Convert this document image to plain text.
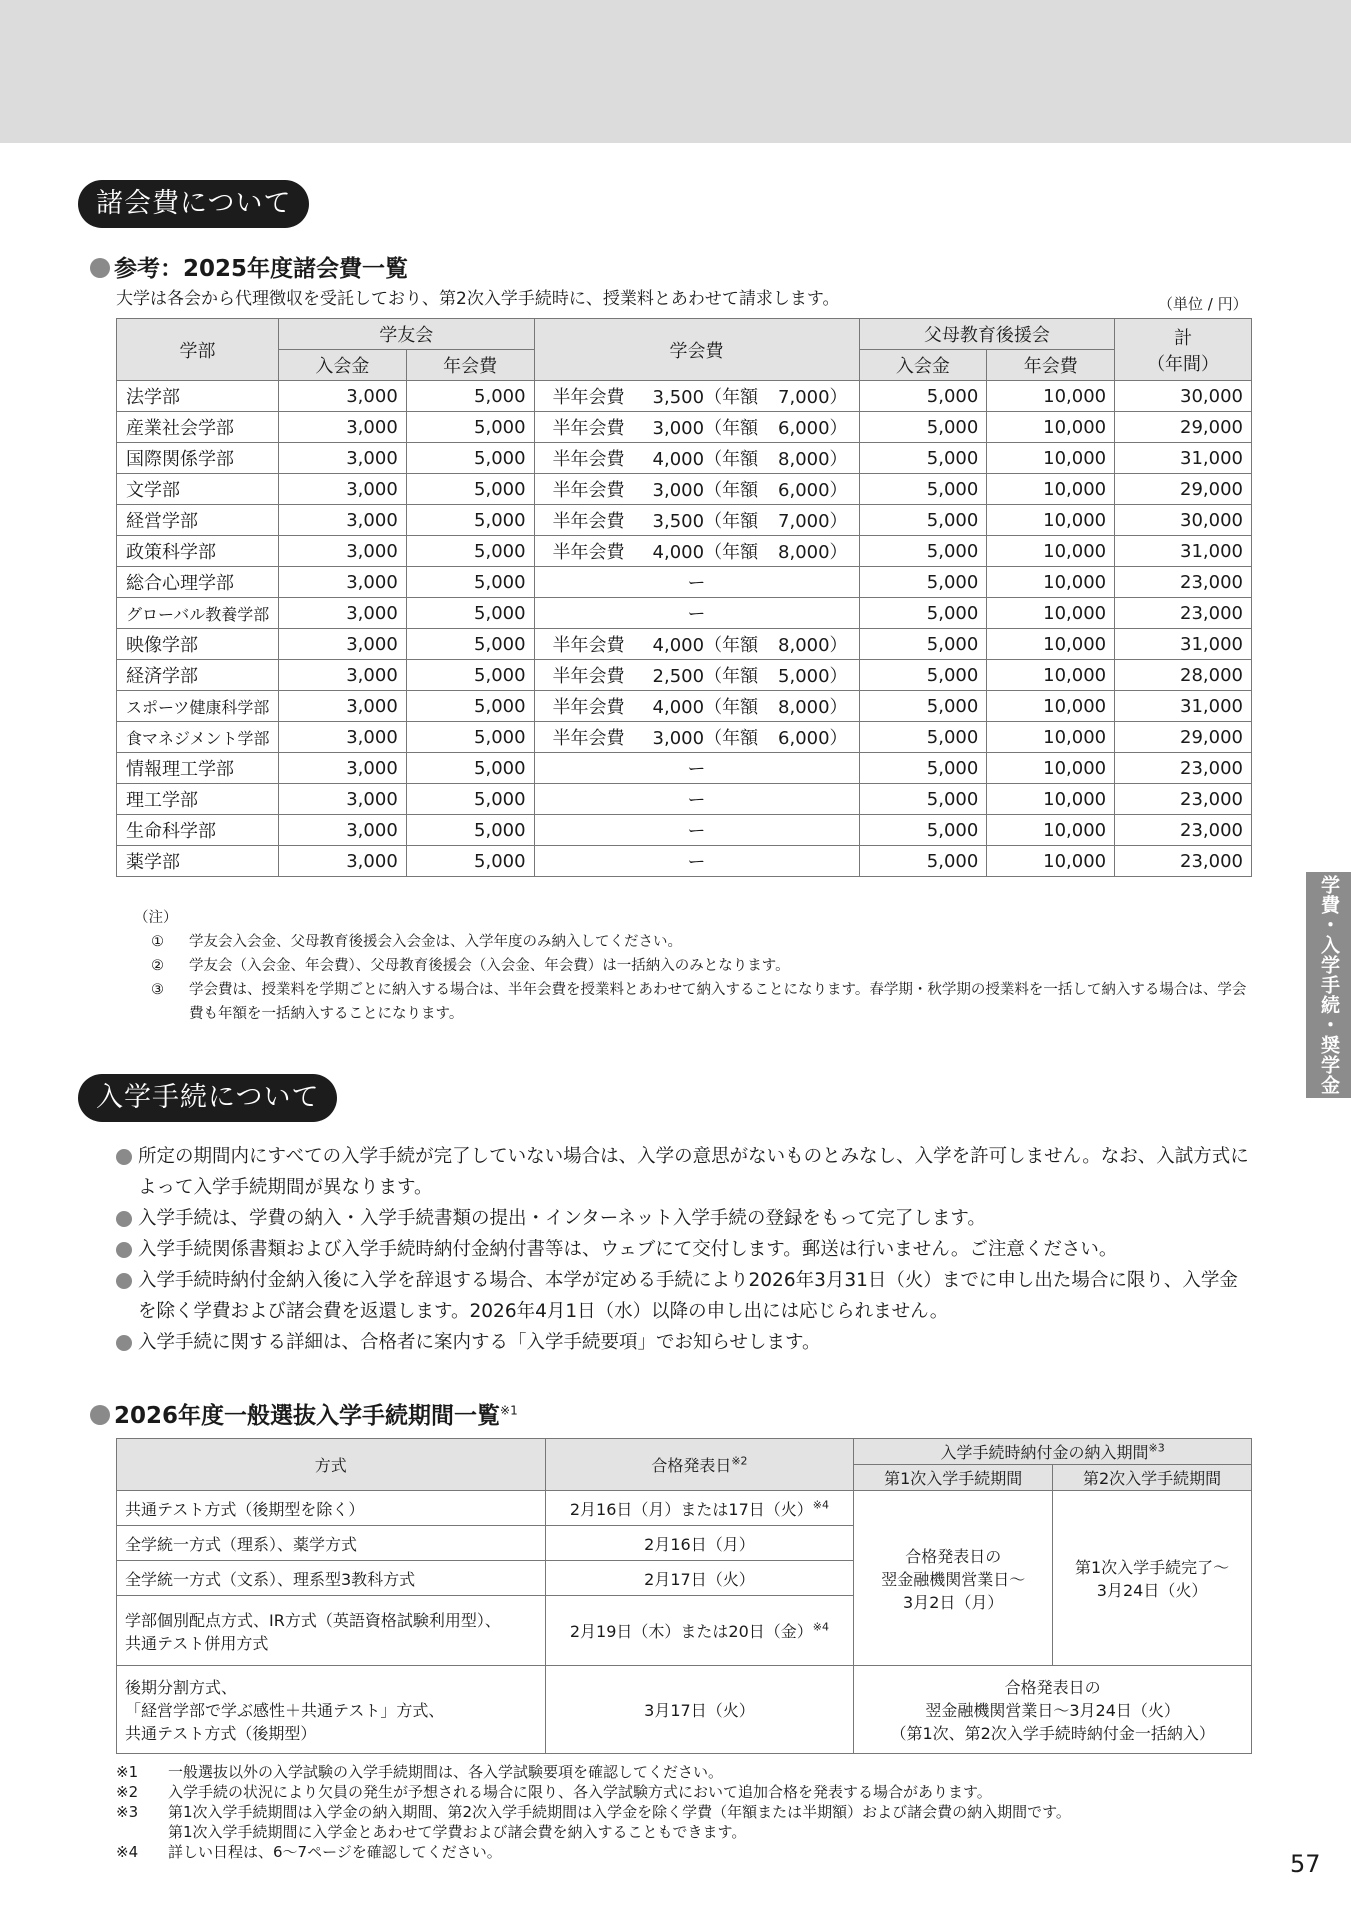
諸会費について
参考：2025年度諸会費一覧
大学は各会から代理徴収を受託しており、第2次入学手続時に、授業料とあわせて請求します。	（単位 / 円）
学部	学友会		学会費	父母教育後援会		計
（年間）
	入会金	年会費		入会金	年会費	
法学部	3,000	5,000	半年会費 3,500（年額 7,000）	5,000	10,000	30,000
産業社会学部	3,000	5,000	半年会費 3,000（年額 6,000）	5,000	10,000	29,000
国際関係学部	3,000	5,000	半年会費 4,000（年額 8,000）	5,000	10,000	31,000
文学部	3,000	5,000	半年会費 3,000（年額 6,000）	5,000	10,000	29,000
経営学部	3,000	5,000	半年会費 3,500（年額 7,000）	5,000	10,000	30,000
政策科学部	3,000	5,000	半年会費 4,000（年額 8,000）	5,000	10,000	31,000
総合心理学部	3,000	5,000	ー	5,000	10,000	23,000
グローバル教養学部	3,000	5,000	ー	5,000	10,000	23,000
映像学部	3,000	5,000	半年会費 4,000（年額 8,000）	5,000	10,000	31,000
経済学部	3,000	5,000	半年会費 2,500（年額 5,000）	5,000	10,000	28,000
スポーツ健康科学部	3,000	5,000	半年会費 4,000（年額 8,000）	5,000	10,000	31,000
食マネジメント学部	3,000	5,000	半年会費 3,000（年額 6,000）	5,000	10,000	29,000
情報理工学部	3,000	5,000	ー	5,000	10,000	23,000
理工学部	3,000	5,000	ー	5,000	10,000	23,000
生命科学部	3,000	5,000	ー	5,000	10,000	23,000
薬学部	3,000	5,000	ー	5,000	10,000	23,000
（注）
① 学友会入会金、父母教育後援会入会金は、入学年度のみ納入してください。
② 学友会（入会金、年会費）、父母教育後援会（入会金、年会費）は一括納入のみとなります。
③ 学会費は、授業料を学期ごとに納入する場合は、半年会費を授業料とあわせて納入することになります。春学期・秋学期の授業料を一括して納入する場合は、学会費も年額を一括納入することになります。
入学手続について
所定の期間内にすべての入学手続が完了していない場合は、入学の意思がないものとみなし、入学を許可しません。なお、入試方式によって入学手続期間が異なります。
入学手続は、学費の納入・入学手続書類の提出・インターネット入学手続の登録をもって完了します。
入学手続関係書類および入学手続時納付金納付書等は、ウェブにて交付します。郵送は行いません。ご注意ください。
入学手続時納付金納入後に入学を辞退する場合、本学が定める手続により2026年3月31日（火）までに申し出た場合に限り、入学金を除く学費および諸会費を返還します。2026年4月1日（水）以降の申し出には応じられません。
入学手続に関する詳細は、合格者に案内する「入学手続要項」でお知らせします。
2026年度一般選抜入学手続期間一覧$^{※1}$
方式	合格発表日$^{※2}$	入学手続時納付金の納入期間$^{※3}$
		第1次入学手続期間	第2次入学手続期間
共通テスト方式（後期型を除く）	2月16日（月）または17日（火）$^{※4}$	合格発表日の
翌金融機関営業日～
3月2日（月）	第1次入学手続完了～
3月24日（火）
全学統一方式（理系）、薬学方式	2月16日（月）		
全学統一方式（文系）、理系型3教科方式	2月17日（火）		
学部個別配点方式、IR方式（英語資格試験利用型）、
共通テスト併用方式	2月19日（木）または20日（金）$^{※4}$
後期分割方式、
「経営学部で学ぶ感性＋共通テスト」方式、
共通テスト方式（後期型）	3月17日（火）	合格発表日の
翌金融機関営業日～3月24日（火）
（第1次、第2次入学手続時納付金一括納入）	
※1 一般選抜以外の入学試験の入学手続期間は、各入学試験要項を確認してください。
※2 入学手続の状況により欠員の発生が予想される場合に限り、各入学試験方式において追加合格を発表する場合があります。
※3 第1次入学手続期間は入学金の納入期間、第2次入学手続期間は入学金を除く学費（年額または半期額）および諸会費の納入期間です。
第1次入学手続期間に入学金とあわせて学費および諸会費を納入することもできます。
※4 詳しい日程は、6～7ページを確認してください。
学費・入学手続・奨学金
57
